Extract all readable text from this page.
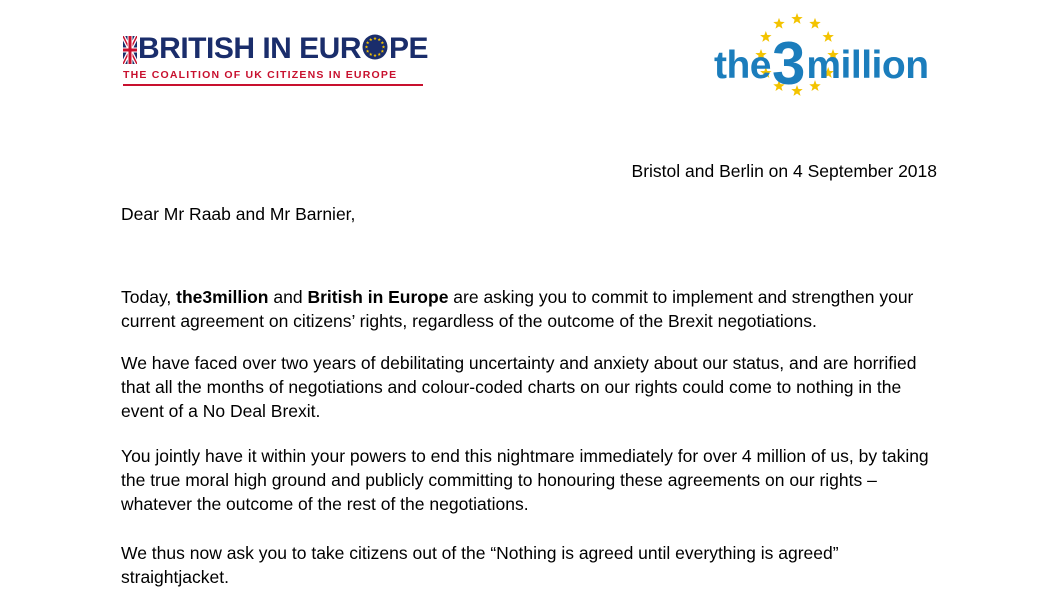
BRITISH IN EUR PE
THE COALITION OF UK CITIZENS IN EUROPE	the3million
Bristol and Berlin on 4 September 2018
Dear Mr Raab and Mr Barnier,

Today, the3million and British in Europe are asking you to commit to implement and strengthen your current agreement on citizens’ rights, regardless of the outcome of the Brexit negotiations.

We have faced over two years of debilitating uncertainty and anxiety about our status, and are horrified that all the months of negotiations and colour-coded charts on our rights could come to nothing in the event of a No Deal Brexit.

You jointly have it within your powers to end this nightmare immediately for over 4 million of us, by taking the true moral high ground and publicly committing to honouring these agreements on our rights – whatever the outcome of the rest of the negotiations.

We thus now ask you to take citizens out of the “Nothing is agreed until everything is agreed” straightjacket.
